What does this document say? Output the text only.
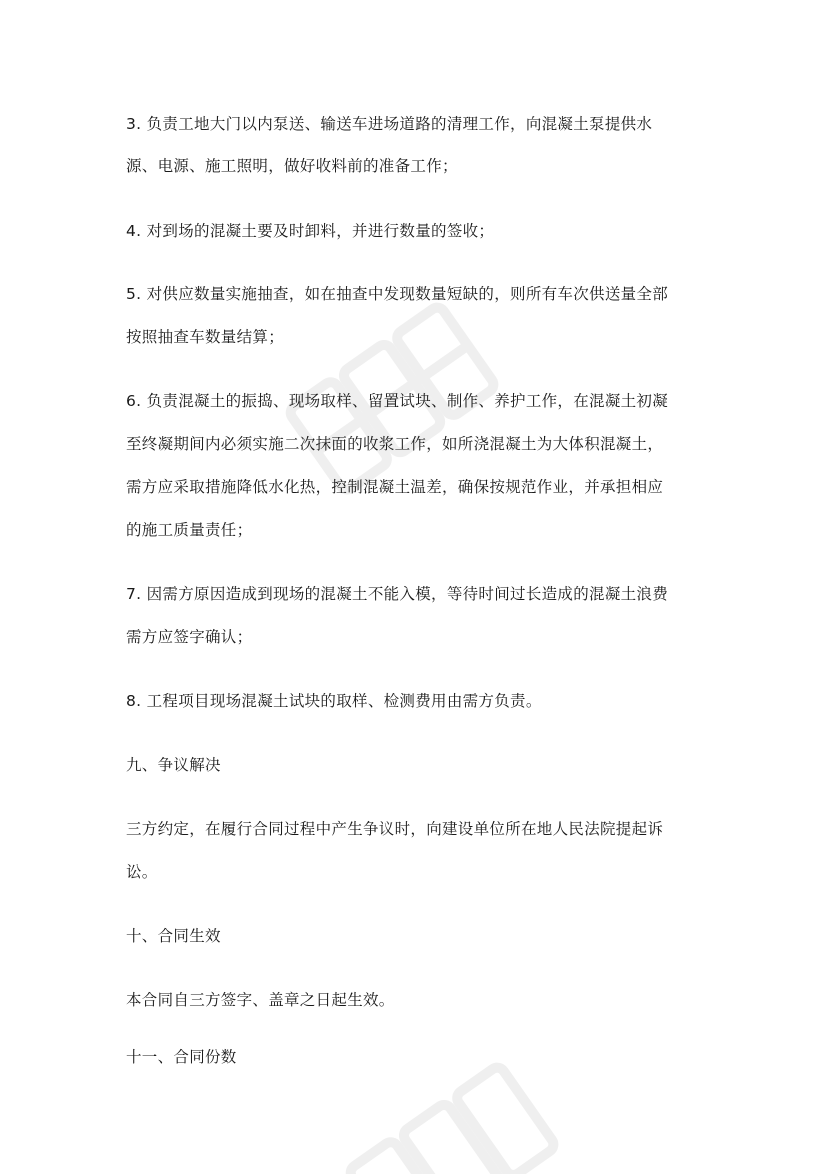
3. 负责工地大门以内泵送、输送车进场道路的清理工作，向混凝土泵提供水
源、电源、施工照明，做好收料前的准备工作；
4. 对到场的混凝土要及时卸料，并进行数量的签收；
5. 对供应数量实施抽查，如在抽查中发现数量短缺的，则所有车次供送量全部
按照抽查车数量结算；
6. 负责混凝土的振捣、现场取样、留置试块、制作、养护工作，在混凝土初凝
至终凝期间内必须实施二次抹面的收浆工作，如所浇混凝土为大体积混凝土，
需方应采取措施降低水化热，控制混凝土温差，确保按规范作业，并承担相应
的施工质量责任；
7. 因需方原因造成到现场的混凝土不能入模，等待时间过长造成的混凝土浪费
需方应签字确认；
8. 工程项目现场混凝土试块的取样、检测费用由需方负责。
九、争议解决
三方约定，在履行合同过程中产生争议时，向建设单位所在地人民法院提起诉
讼。
十、合同生效
本合同自三方签字、盖章之日起生效。
十一、合同份数
